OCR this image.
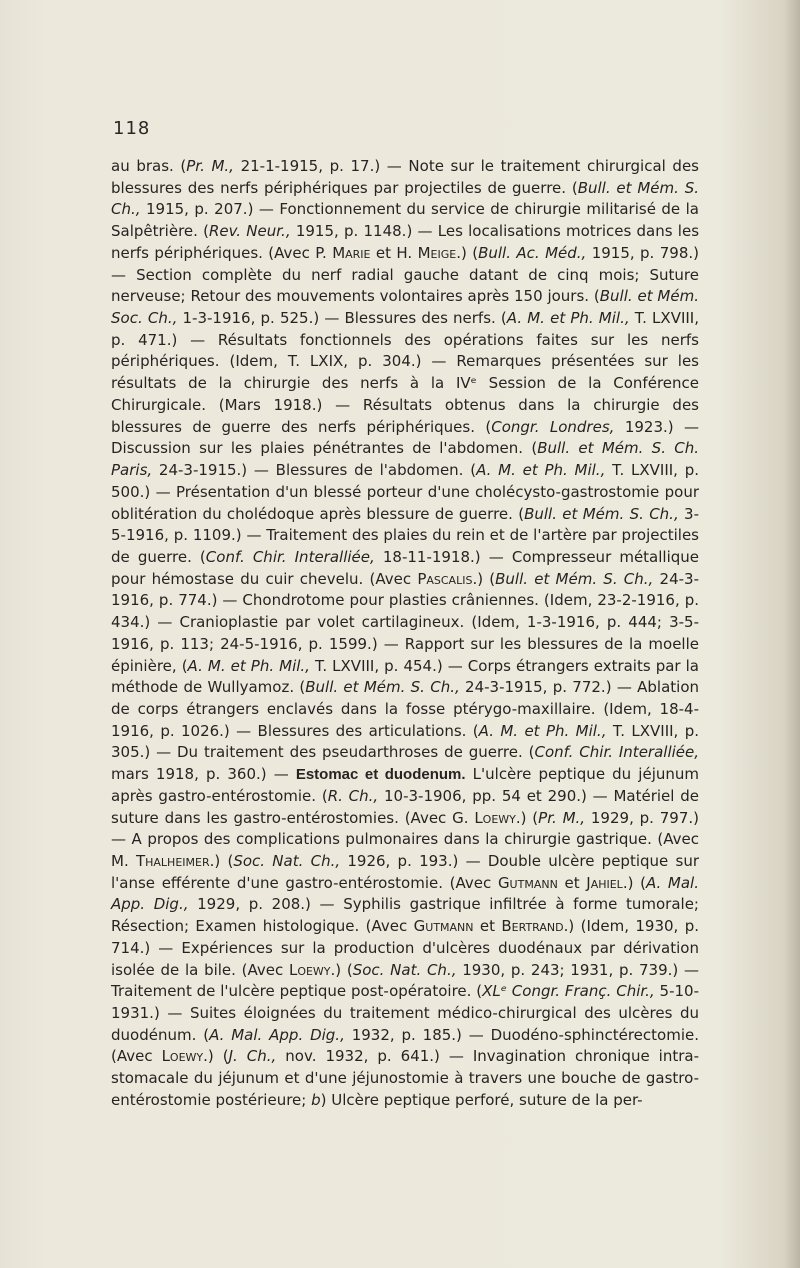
118

au bras. (Pr. M., 21-1-1915, p. 17.) — Note sur le traitement chirurgical des blessures des nerfs périphériques par projectiles de guerre. (Bull. et Mém. S. Ch., 1915, p. 207.) — Fonctionnement du service de chirurgie militarisé de la Salpêtrière. (Rev. Neur., 1915, p. 1148.) — Les localisations motrices dans les nerfs périphériques. (Avec P. Marie et H. Meige.) (Bull. Ac. Méd., 1915, p. 798.) — Section complète du nerf radial gauche datant de cinq mois; Suture nerveuse; Retour des mouvements volontaires après 150 jours. (Bull. et Mém. Soc. Ch., 1-3-1916, p. 525.) — Blessures des nerfs. (A. M. et Ph. Mil., T. LXVIII, p. 471.) — Résultats fonctionnels des opérations faites sur les nerfs périphériques. (Idem, T. LXIX, p. 304.) — Remarques présentées sur les résultats de la chirurgie des nerfs à la IVᵉ Session de la Conférence Chirurgicale. (Mars 1918.) — Résultats obtenus dans la chirurgie des blessures de guerre des nerfs périphériques. (Congr. Londres, 1923.) — Discussion sur les plaies pénétrantes de l'abdomen. (Bull. et Mém. S. Ch. Paris, 24-3-1915.) — Blessures de l'abdomen. (A. M. et Ph. Mil., T. LXVIII, p. 500.) — Présentation d'un blessé porteur d'une cholécysto-gastrostomie pour oblitération du cholédoque après blessure de guerre. (Bull. et Mém. S. Ch., 3-5-1916, p. 1109.) — Traitement des plaies du rein et de l'artère par projectiles de guerre. (Conf. Chir. Interalliée, 18-11-1918.) — Compresseur métallique pour hémostase du cuir chevelu. (Avec Pascalis.) (Bull. et Mém. S. Ch., 24-3-1916, p. 774.) — Chondrotome pour plasties crâniennes. (Idem, 23-2-1916, p. 434.) — Cranioplastie par volet cartilagineux. (Idem, 1-3-1916, p. 444; 3-5-1916, p. 113; 24-5-1916, p. 1599.) — Rapport sur les blessures de la moelle épinière, (A. M. et Ph. Mil., T. LXVIII, p. 454.) — Corps étrangers extraits par la méthode de Wullyamoz. (Bull. et Mém. S. Ch., 24-3-1915, p. 772.) — Ablation de corps étrangers enclavés dans la fosse ptérygo-maxillaire. (Idem, 18-4-1916, p. 1026.) — Blessures des articulations. (A. M. et Ph. Mil., T. LXVIII, p. 305.) — Du traitement des pseudarthroses de guerre. (Conf. Chir. Interalliée, mars 1918, p. 360.) — Estomac et duodenum. L'ulcère peptique du jéjunum après gastro-entérostomie. (R. Ch., 10-3-1906, pp. 54 et 290.) — Matériel de suture dans les gastro-entérostomies. (Avec G. Loewy.) (Pr. M., 1929, p. 797.) — A propos des complications pulmonaires dans la chirurgie gastrique. (Avec M. Thalheimer.) (Soc. Nat. Ch., 1926, p. 193.) — Double ulcère peptique sur l'anse efférente d'une gastro-entérostomie. (Avec Gutmann et Jahiel.) (A. Mal. App. Dig., 1929, p. 208.) — Syphilis gastrique infiltrée à forme tumorale; Résection; Examen histologique. (Avec Gutmann et Bertrand.) (Idem, 1930, p. 714.) — Expériences sur la production d'ulcères duodénaux par dérivation isolée de la bile. (Avec Loewy.) (Soc. Nat. Ch., 1930, p. 243; 1931, p. 739.) — Traitement de l'ulcère peptique post-opératoire. (XLᵉ Congr. Franç. Chir., 5-10-1931.) — Suites éloignées du traitement médico-chirurgical des ulcères du duodénum. (A. Mal. App. Dig., 1932, p. 185.) — Duodéno-sphinctérectomie. (Avec Loewy.) (J. Ch., nov. 1932, p. 641.) — Invagination chronique intra-stomacale du jéjunum et d'une jéjunostomie à travers une bouche de gastro-entérostomie postérieure; b) Ulcère peptique perforé, suture de la per-
